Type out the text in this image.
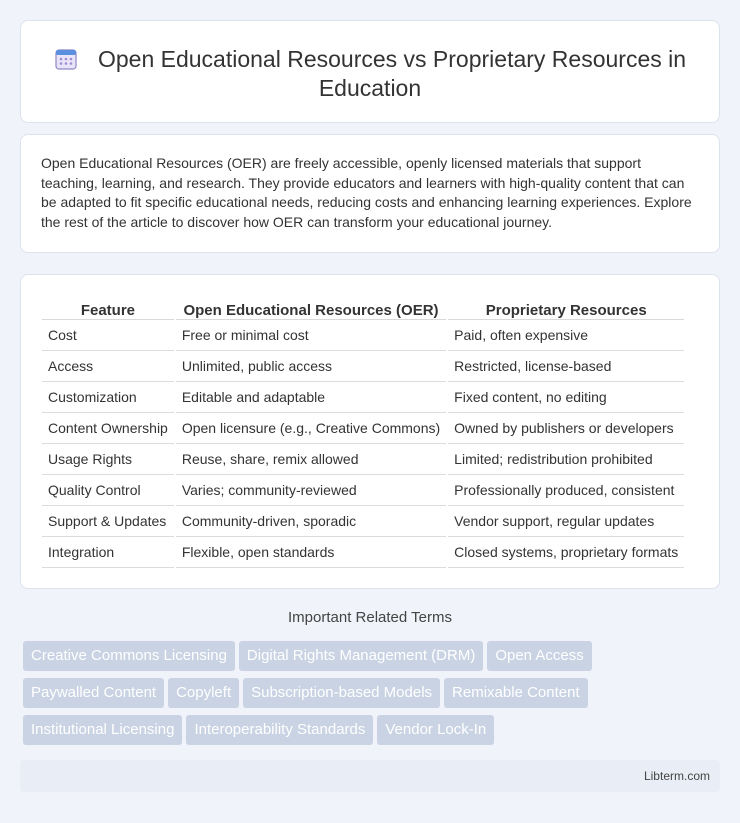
Open Educational Resources vs Proprietary Resources in Education

Open Educational Resources (OER) are freely accessible, openly licensed materials that support teaching, learning, and research. They provide educators and learners with high-quality content that can be adapted to fit specific educational needs, reducing costs and enhancing learning experiences. Explore the rest of the article to discover how OER can transform your educational journey.

Feature	Open Educational Resources (OER)	Proprietary Resources
Cost	Free or minimal cost	Paid, often expensive
Access	Unlimited, public access	Restricted, license-based
Customization	Editable and adaptable	Fixed content, no editing
Content Ownership	Open licensure (e.g., Creative Commons)	Owned by publishers or developers
Usage Rights	Reuse, share, remix allowed	Limited; redistribution prohibited
Quality Control	Varies; community-reviewed	Professionally produced, consistent
Support & Updates	Community-driven, sporadic	Vendor support, regular updates
Integration	Flexible, open standards	Closed systems, proprietary formats
Important Related Terms
Creative Commons Licensing Digital Rights Management (DRM) Open Access
Paywalled Content Copyleft Subscription-based Models Remixable Content
Institutional Licensing Interoperability Standards Vendor Lock-In
Libterm.com
